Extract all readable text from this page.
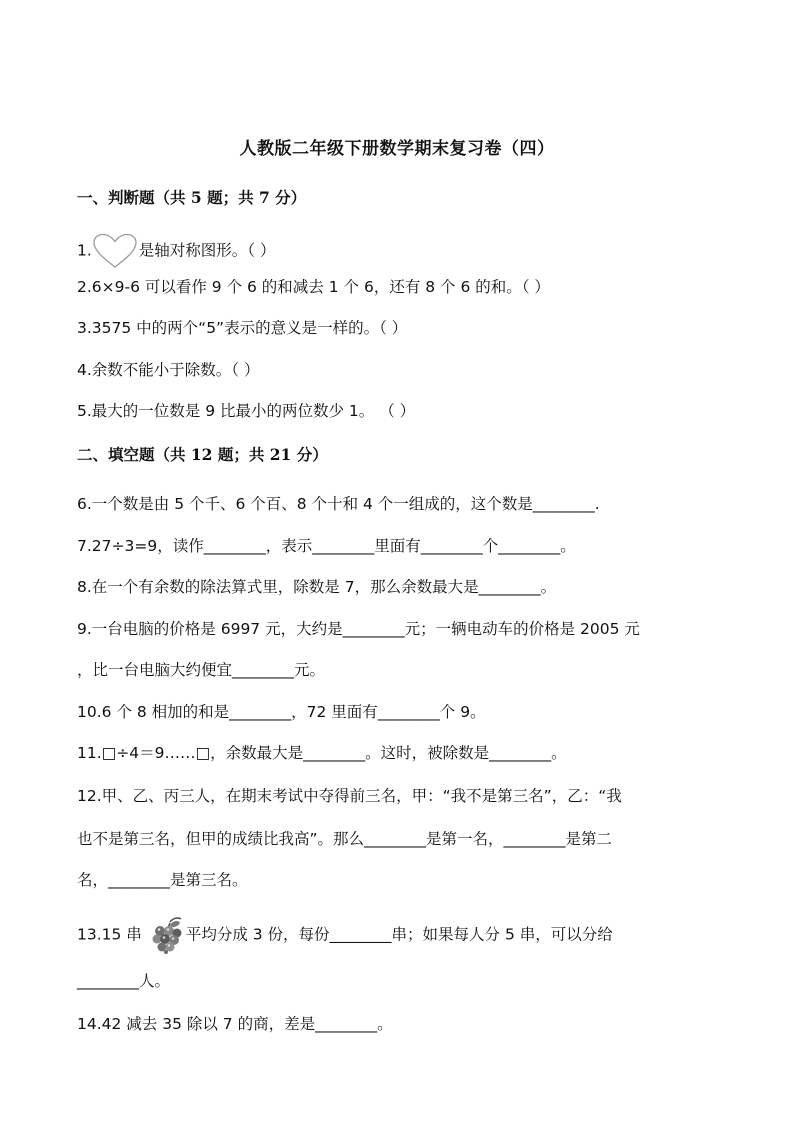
人教版二年级下册数学期末复习卷（四）
一、判断题（共 5 题；共 7 分）
1.	是轴对称图形。（ ）
2.6×9-6 可以看作 9 个 6 的和减去 1 个 6，还有 8 个 6 的和。（ ）
3.3575 中的两个“5”表示的意义是一样的。（ ）
4.余数不能小于除数。（ ）
5.最大的一位数是 9 比最小的两位数少 1。 （ ）
二、填空题（共 12 题；共 21 分）
6.一个数是由 5 个千、6 个百、8 个十和 4 个一组成的，这个数是________.
7.27÷3=9，读作________，表示________里面有________个________。
8.在一个有余数的除法算式里，除数是 7，那么余数最大是________。
9.一台电脑的价格是 6997 元，大约是________元；一辆电动车的价格是 2005 元
，比一台电脑大约便宜________元。
10.6 个 8 相加的和是________，72 里面有________个 9。
11.□÷4＝9……□，余数最大是________。这时，被除数是________。
12.甲、乙、丙三人，在期末考试中夺得前三名，甲：“我不是第三名”，乙：“我
也不是第三名，但甲的成绩比我高”。那么________是第一名，________是第二
名，________是第三名。
13.15 串	平均分成 3 份，每份________串；如果每人分 5 串，可以分给
________人。
14.42 减去 35 除以 7 的商，差是________。
